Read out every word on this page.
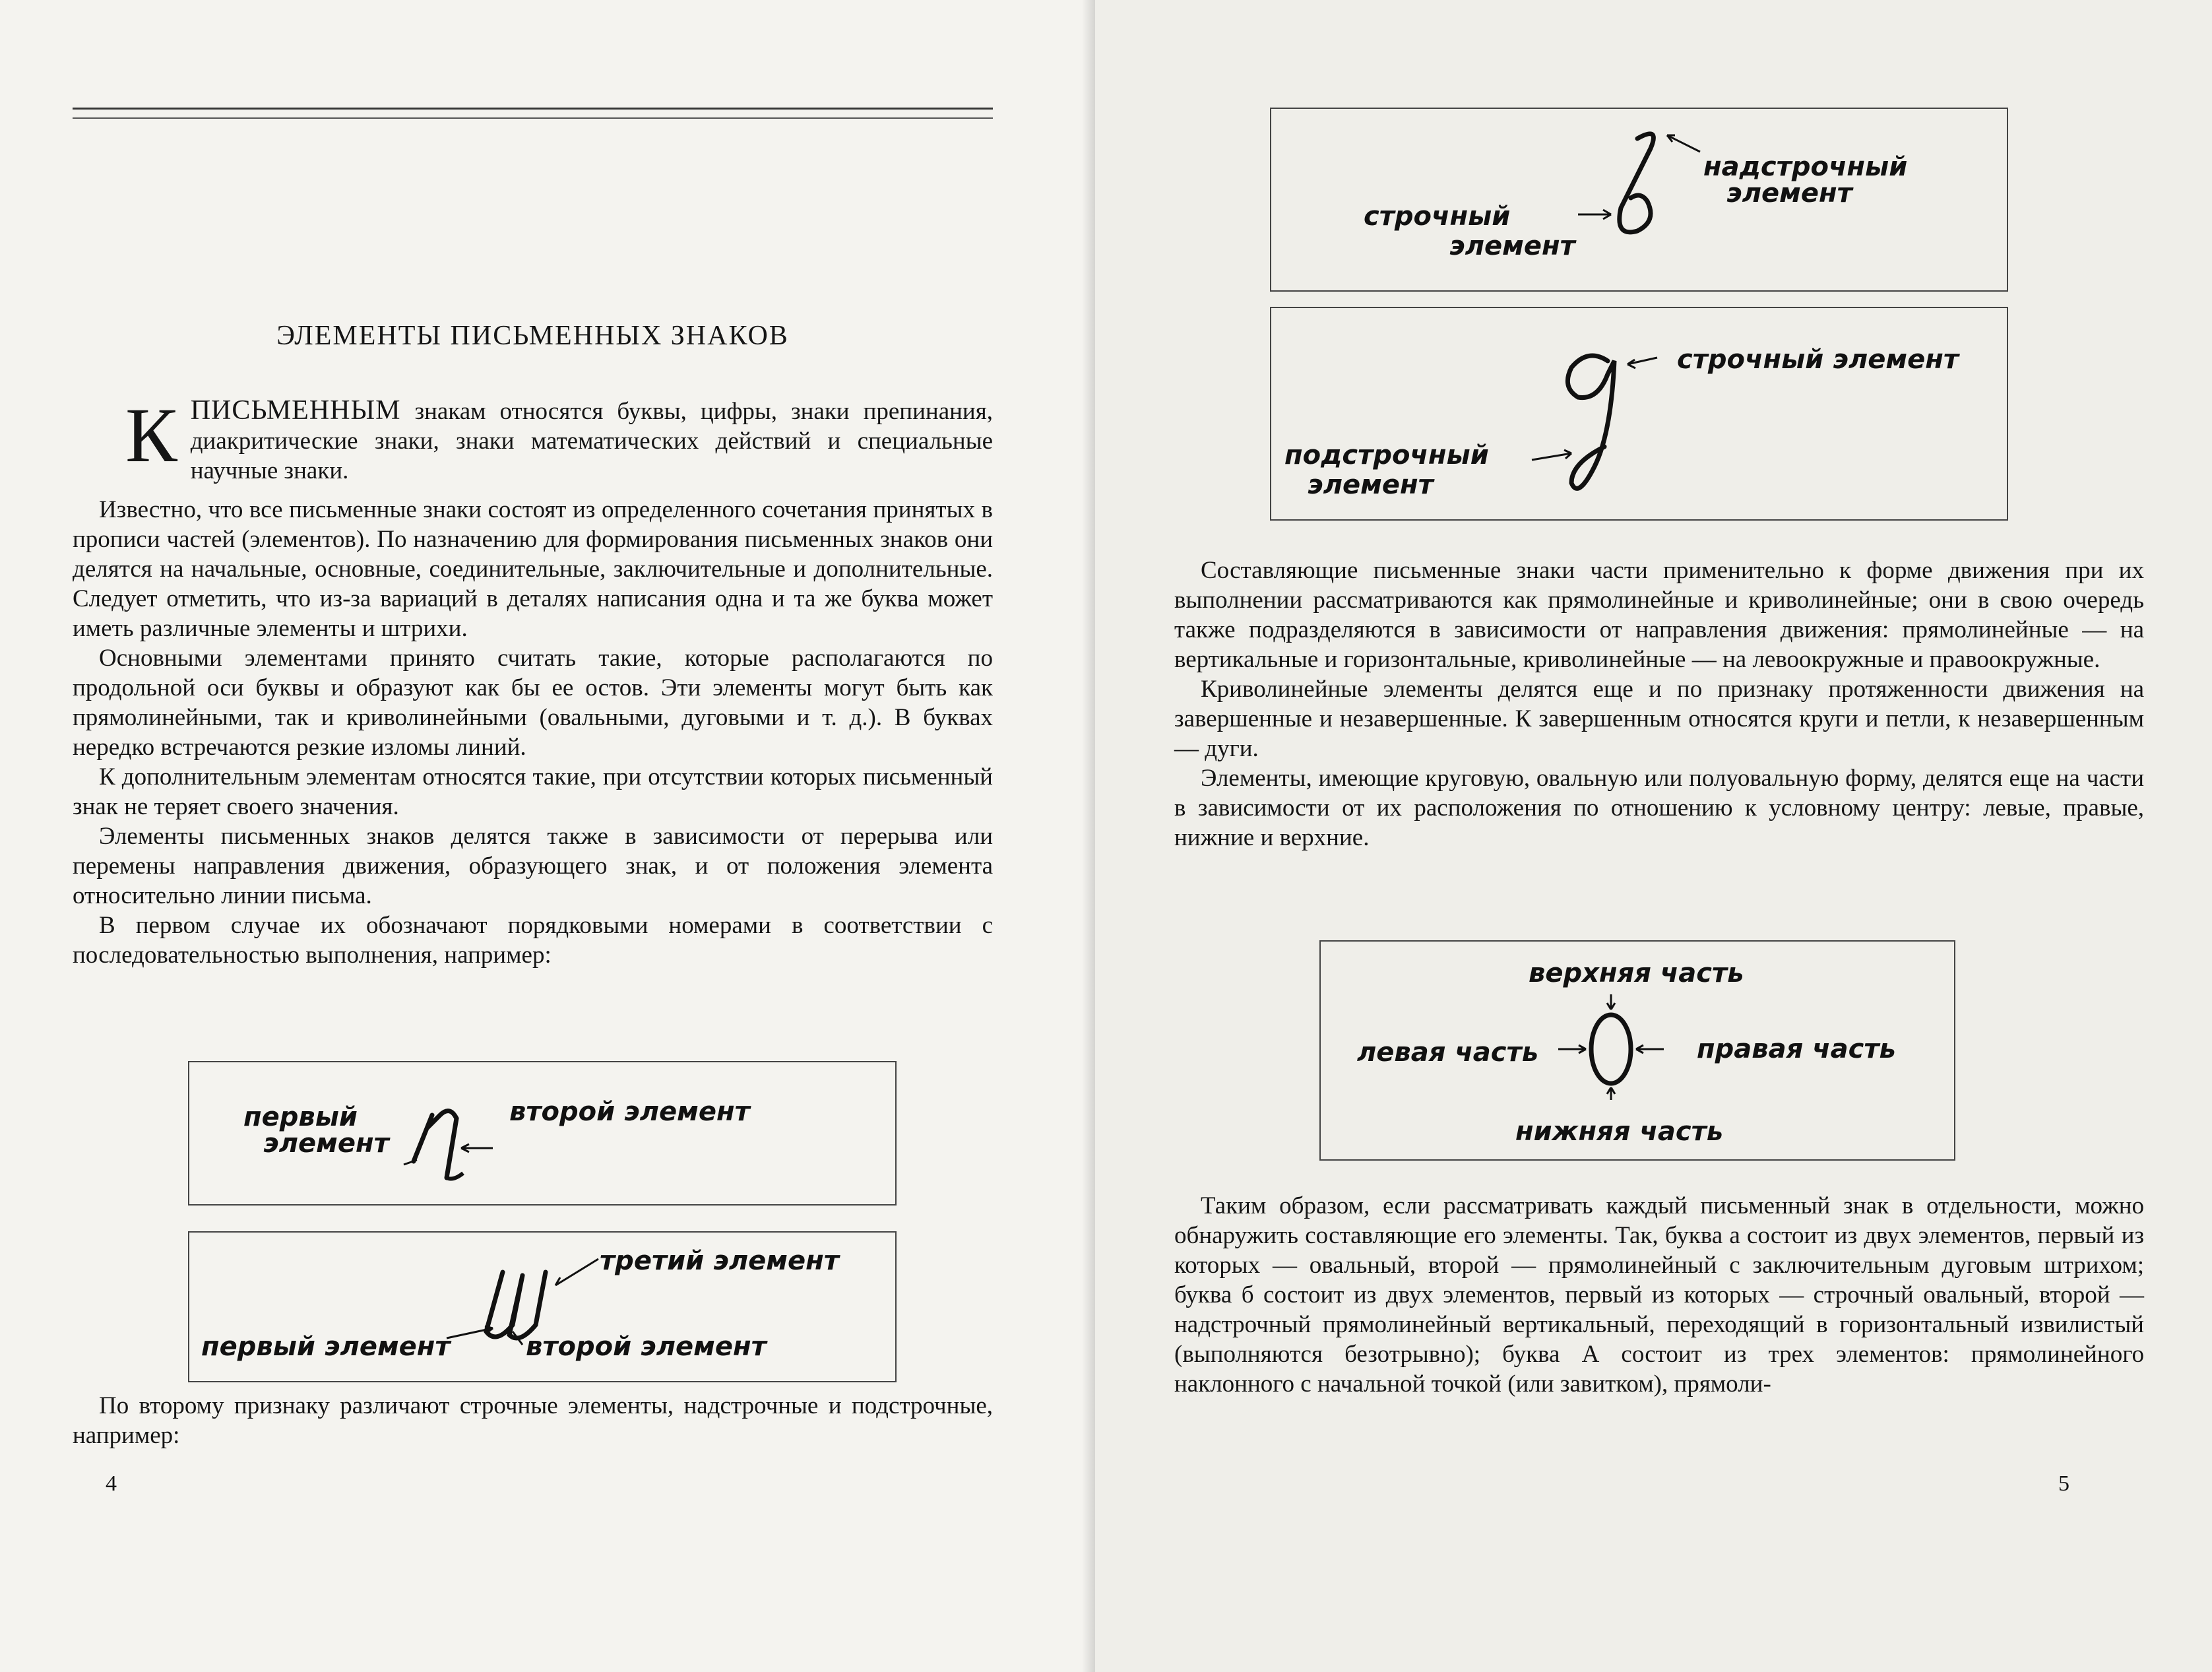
ЭЛЕМЕНТЫ ПИСЬМЕННЫХ ЗНАКОВ
К ПИСЬМЕННЫМ знакам относятся буквы, цифры, знаки препинания, диакритические знаки, знаки математических действий и специальные научные знаки.

Известно, что все письменные знаки состоят из определенного сочетания принятых в прописи частей (элементов). По назначению для формирования письменных знаков они делятся на начальные, основные, соединительные, заключительные и дополнительные. Следует отметить, что из-за вариаций в деталях написания одна и та же буква может иметь различные элементы и штрихи.

Основными элементами принято считать такие, которые располагаются по продольной оси буквы и образуют как бы ее остов. Эти элементы могут быть как прямолинейными, так и криволинейными (овальными, дуговыми и т. д.). В буквах нередко встречаются резкие изломы линий.

К дополнительным элементам относятся такие, при отсутствии которых письменный знак не теряет своего значения.

Элементы письменных знаков делятся также в зависимости от перерыва или перемены направления движения, образующего знак, и от положения элемента относительно линии письма.

В первом случае их обозначают порядковыми номерами в соответствии с последовательностью выполнения, например:

первый
элемент
второй элемент
третий элемент
первый элемент	второй элемент

По второму признаку различают строчные элементы, надстрочные и подстрочные, например:

4
строчный
элемент
надстрочный
элемент
строчный элемент
подстрочный
элемент

Составляющие письменные знаки части применительно к форме движения при их выполнении рассматриваются как прямолинейные и криволинейные; они в свою очередь также подразделяются в зависимости от направления движения: прямолинейные — на вертикальные и горизонтальные, криволинейные — на левоокружные и правоокружные.

Криволинейные элементы делятся еще и по признаку протяженности движения на завершенные и незавершенные. К завершенным относятся круги и петли, к незавершенным — дуги.

Элементы, имеющие круговую, овальную или полуовальную форму, делятся еще на части в зависимости от их расположения по отношению к условному центру: левые, правые, нижние и верхние.

верхняя часть
левая часть	правая часть
нижняя часть

Таким образом, если рассматривать каждый письменный знак в отдельности, можно обнаружить составляющие его элементы. Так, буква а состоит из двух элементов, первый из которых — овальный, второй — прямолинейный с заключительным дуговым штрихом; буква б состоит из двух элементов, первый из которых — строчный овальный, второй — надстрочный прямолинейный вертикальный, переходящий в горизонтальный извилистый (выполняются безотрывно); буква А состоит из трех элементов: прямолинейного наклонного с начальной точкой (или завитком), прямоли-

5
